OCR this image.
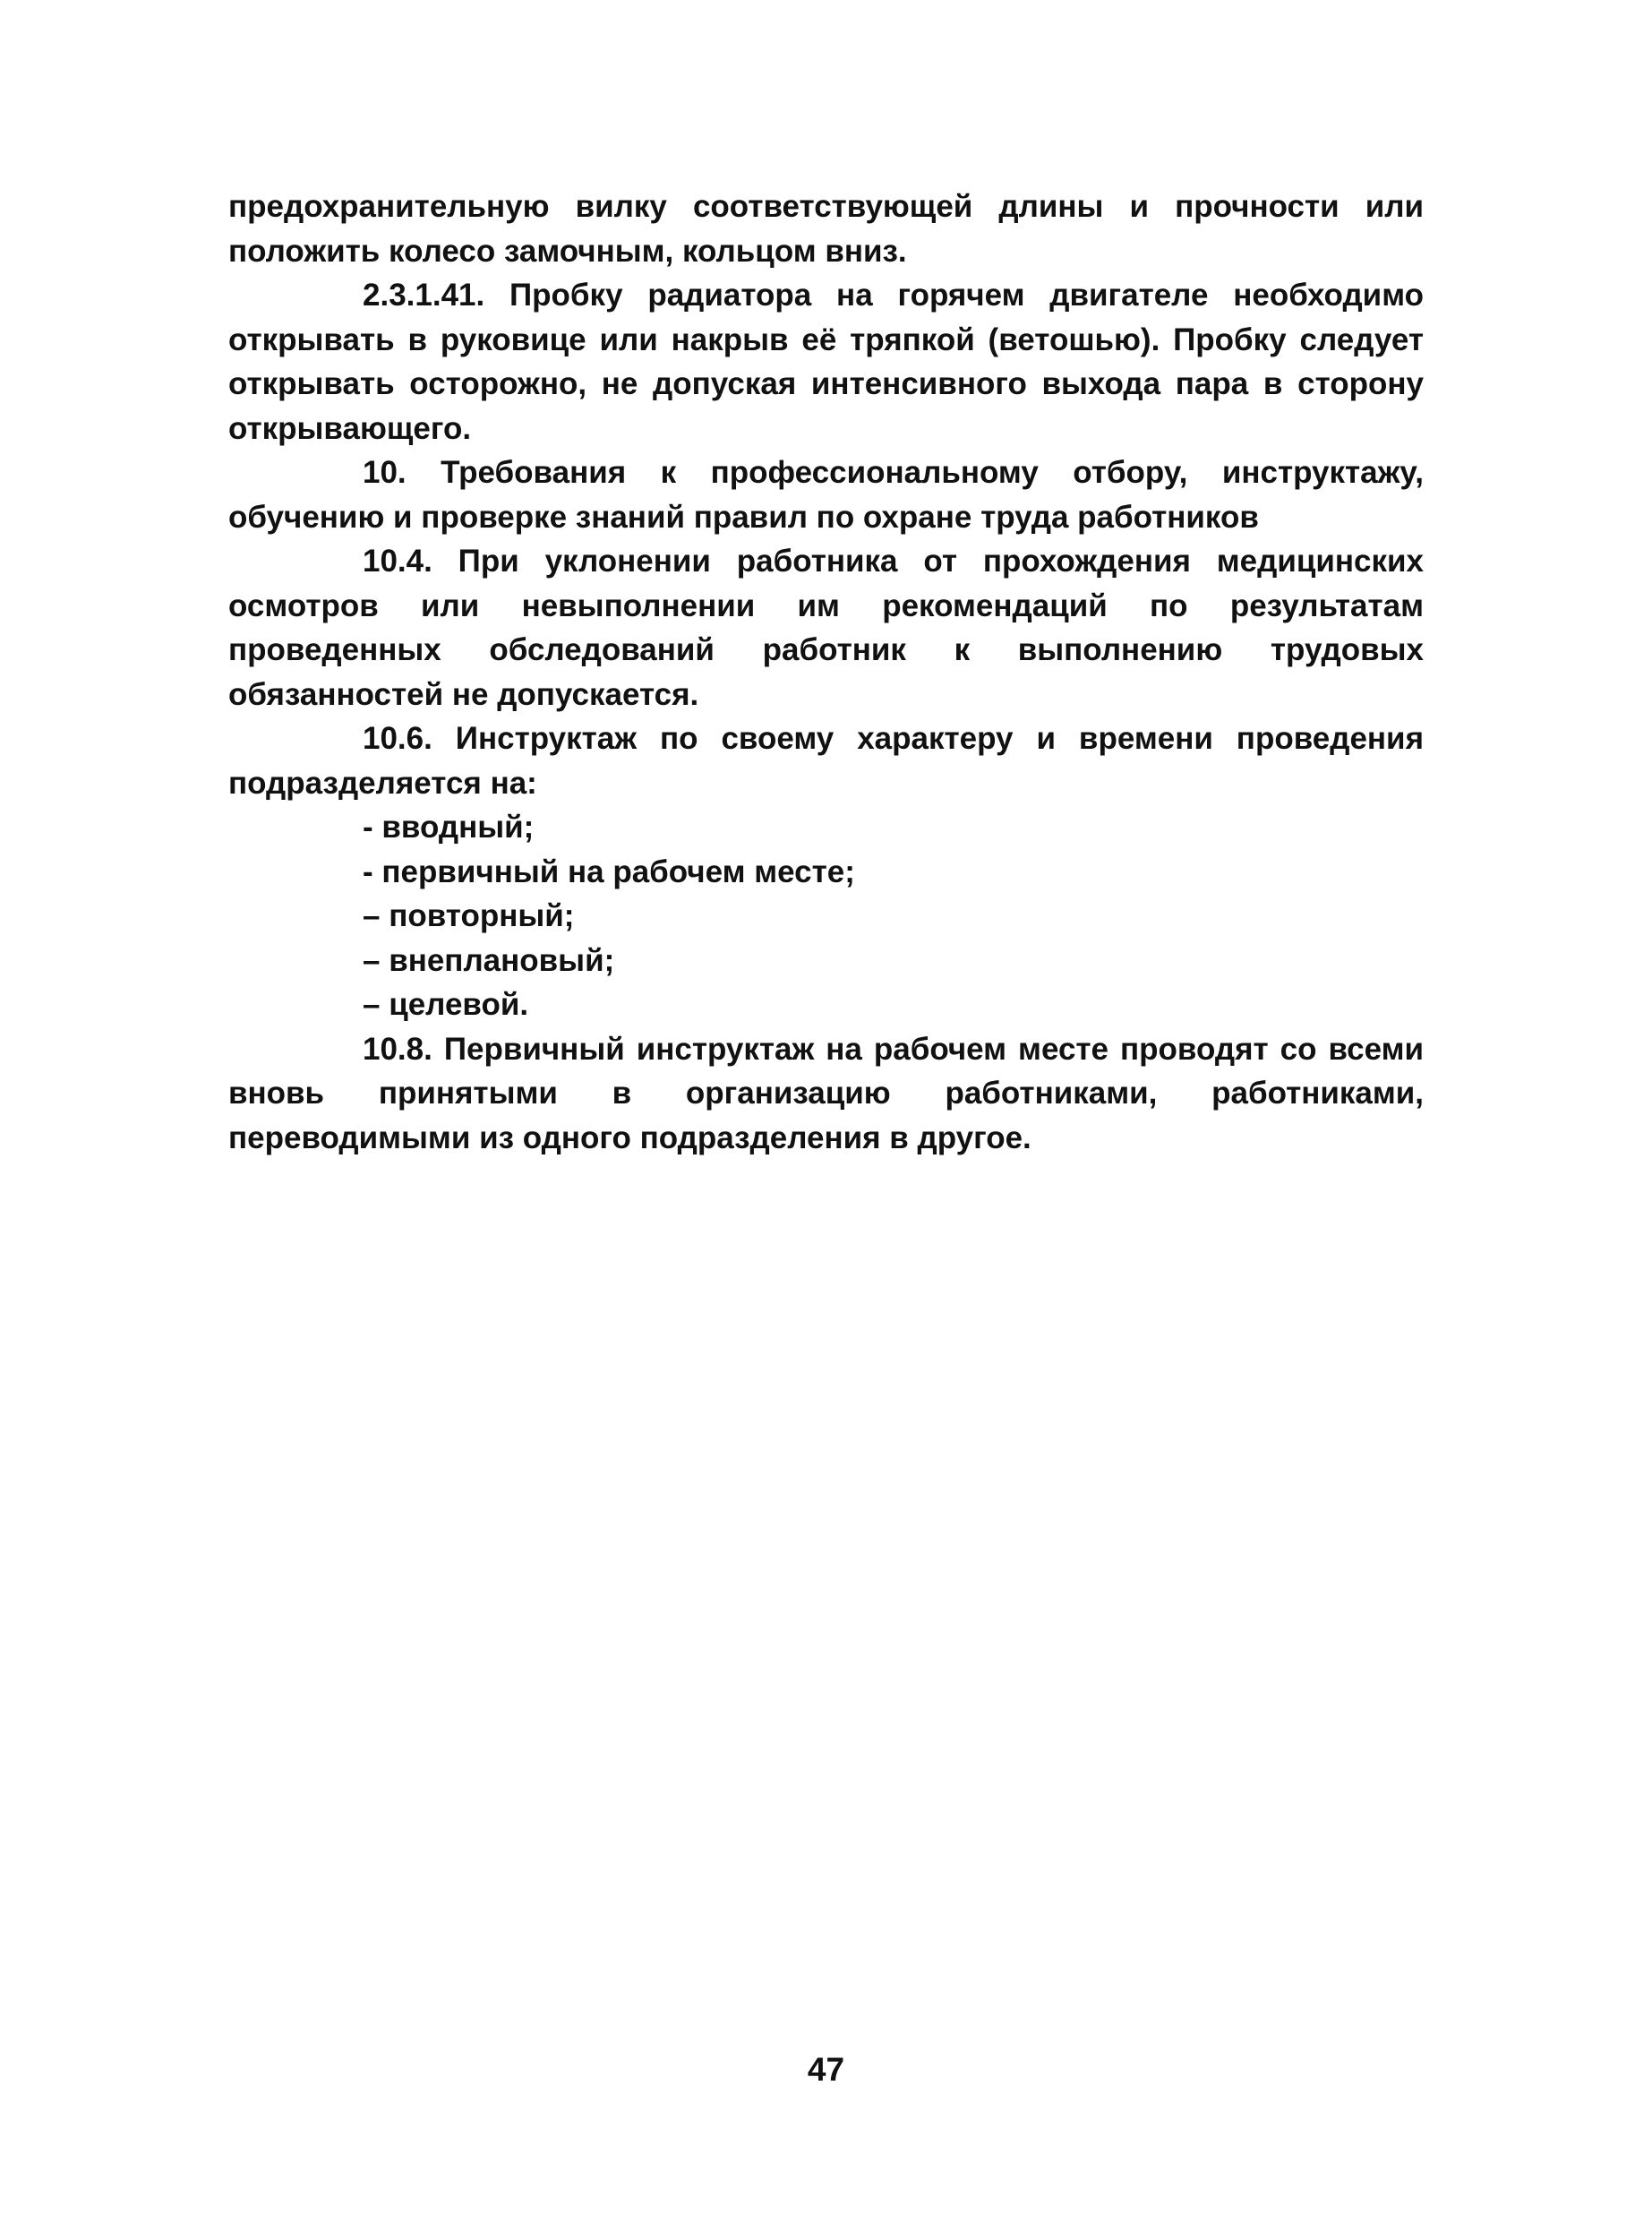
предохранительную вилку соответствующей длины и прочности или положить колесо замочным, кольцом вниз.

2.3.1.41. Пробку радиатора на горячем двигателе необходимо открывать в руковице или накрыв её тряпкой (ветошью). Пробку следует открывать осторожно, не допуская интенсивного выхода пара в сторону открывающего.

10. Требования к профессиональному отбору, инструктажу, обучению и проверке знаний правил по охране труда работников

10.4. При уклонении работника от прохождения медицинских осмотров или невыполнении им рекомендаций по результатам проведенных обследований работник к выполнению трудовых обязанностей не допускается.

10.6. Инструктаж по своему характеру и времени проведения подразделяется на:

- вводный;

- первичный на рабочем месте;

– повторный;

– внеплановый;

– целевой.

10.8. Первичный инструктаж на рабочем месте проводят со всеми вновь принятыми в организацию работниками, работниками, переводимыми из одного подразделения в другое.

47
